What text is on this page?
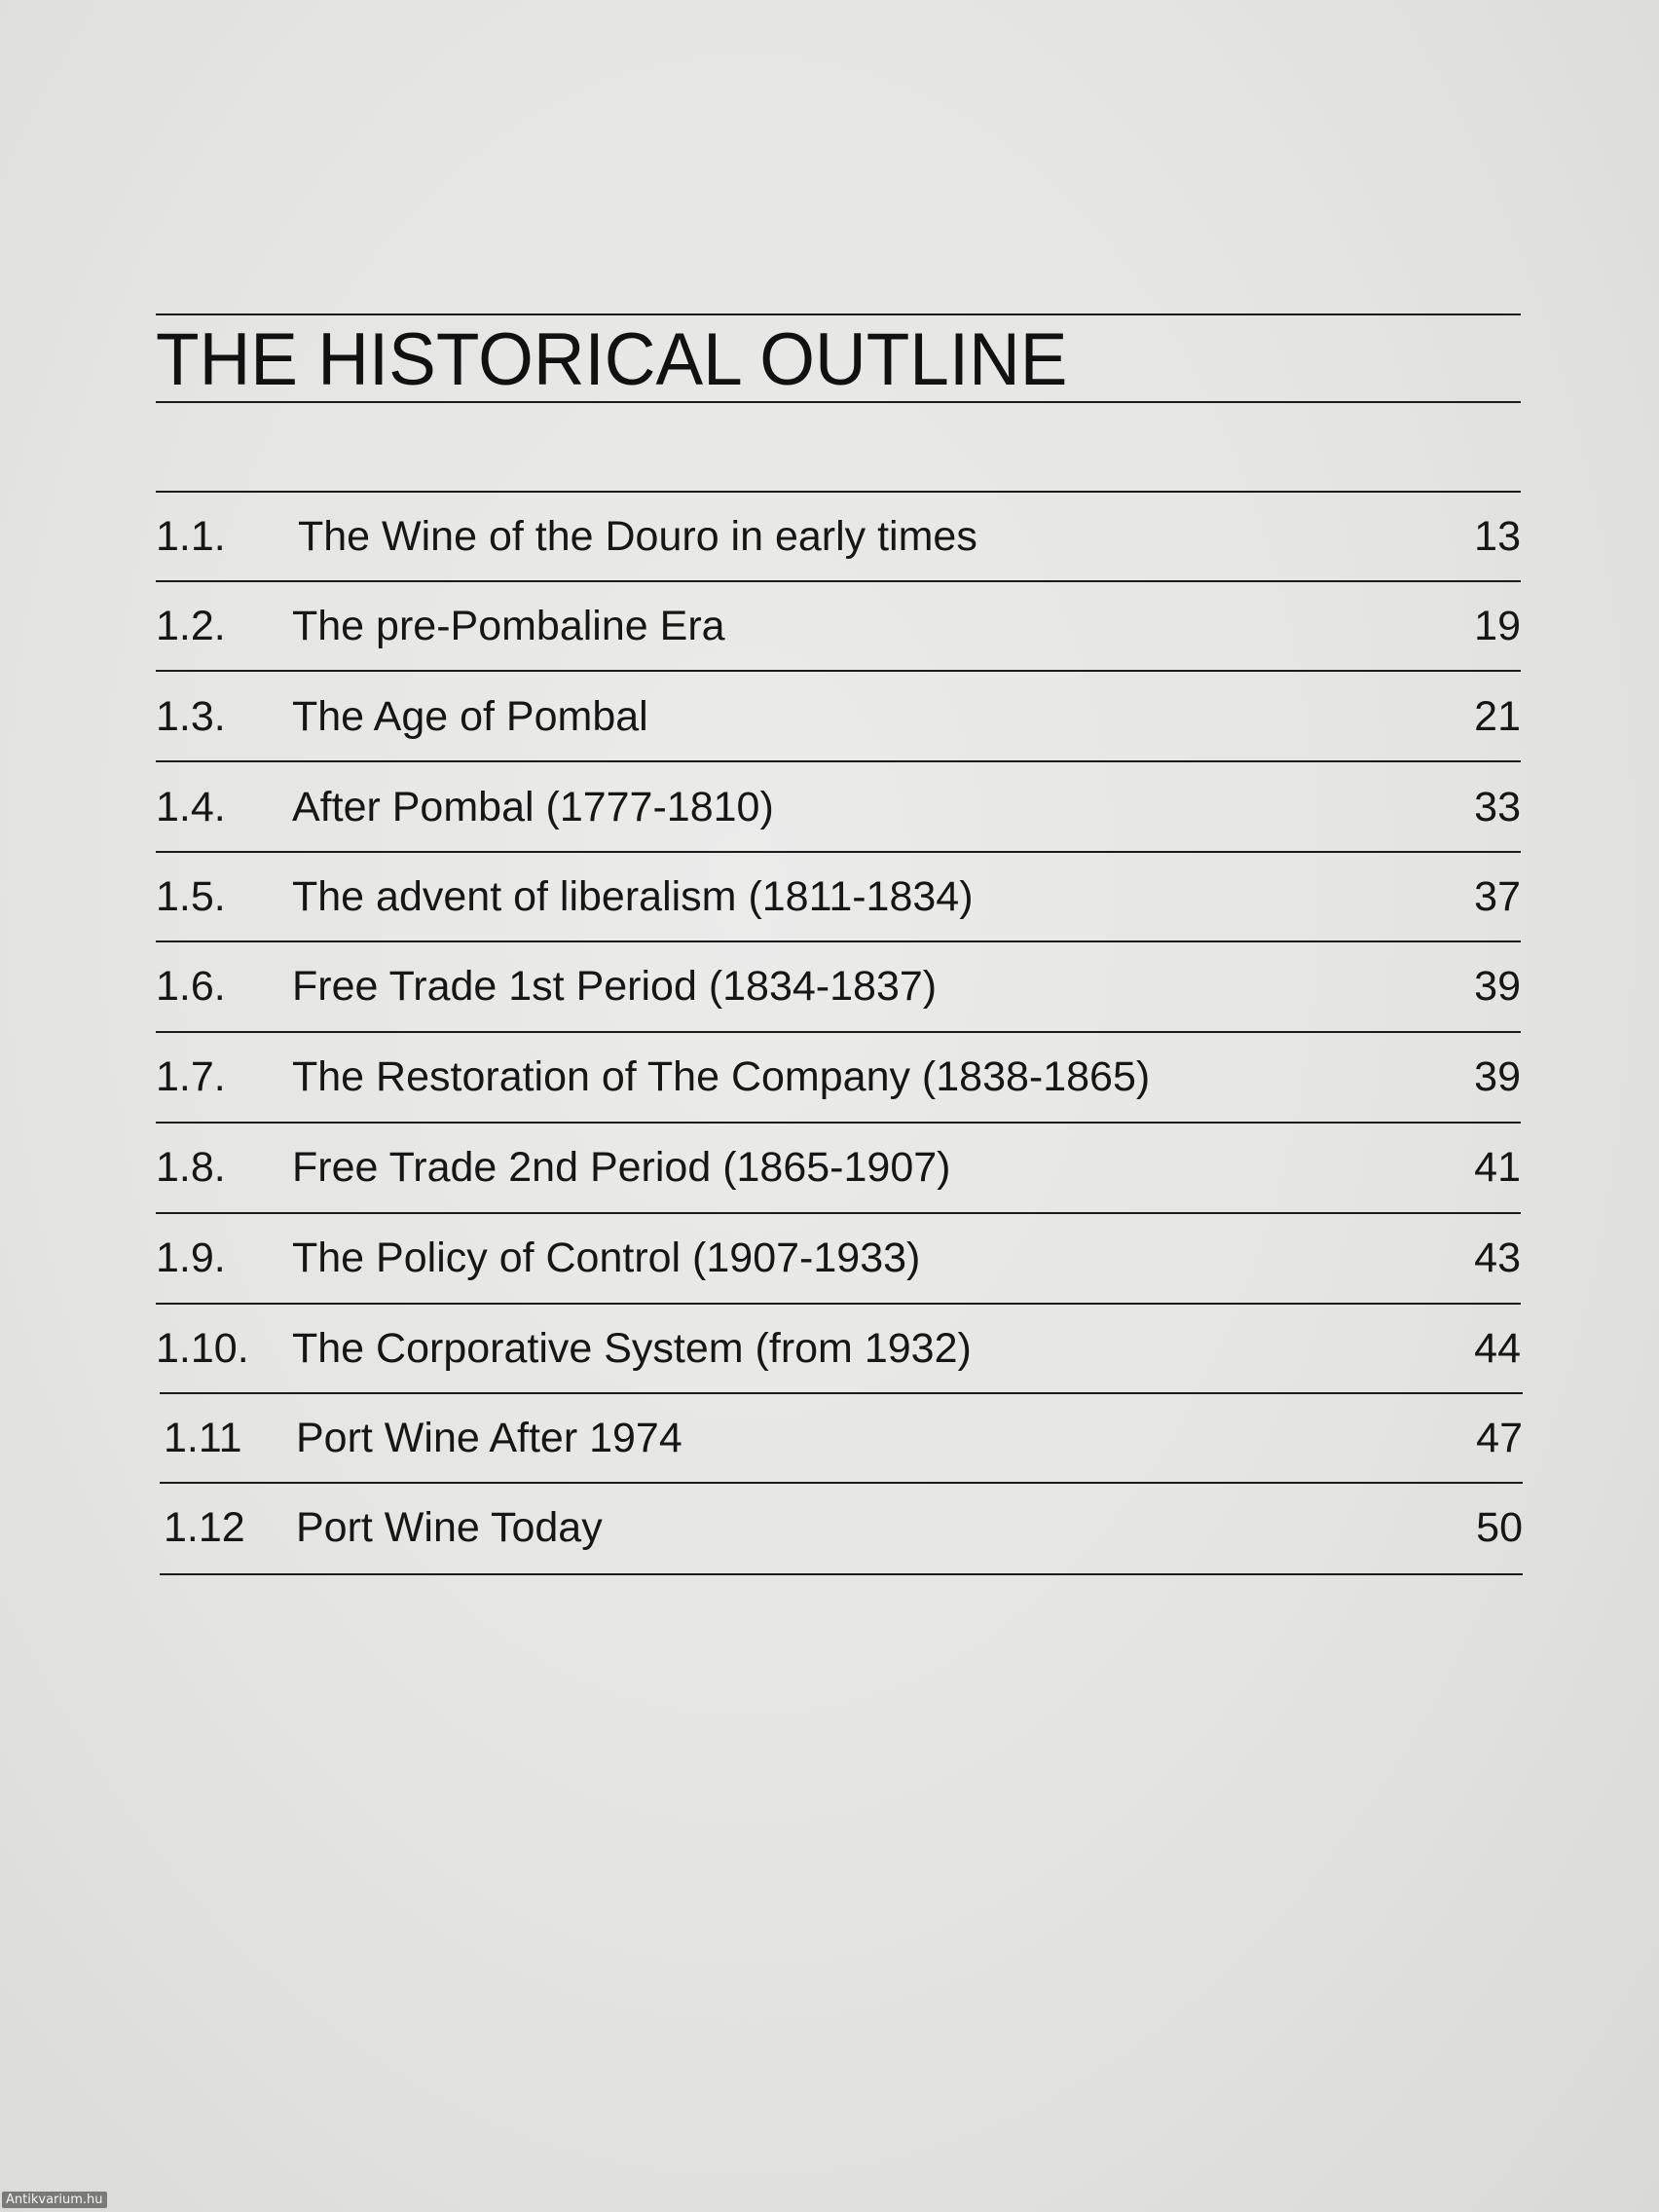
THE HISTORICAL OUTLINE
1.1. The Wine of the Douro in early times	13
1.2. The pre-Pombaline Era	19
1.3. The Age of Pombal	21
1.4. After Pombal (1777-1810)	33
1.5. The advent of liberalism (1811-1834)	37
1.6. Free Trade 1st Period (1834-1837)	39
1.7. The Restoration of The Company (1838-1865)	39
1.8. Free Trade 2nd Period (1865-1907)	41
1.9. The Policy of Control (1907-1933)	43
1.10. The Corporative System (from 1932)	44
1.11 Port Wine After 1974	47
1.12 Port Wine Today	50
Antikvarium.hu
